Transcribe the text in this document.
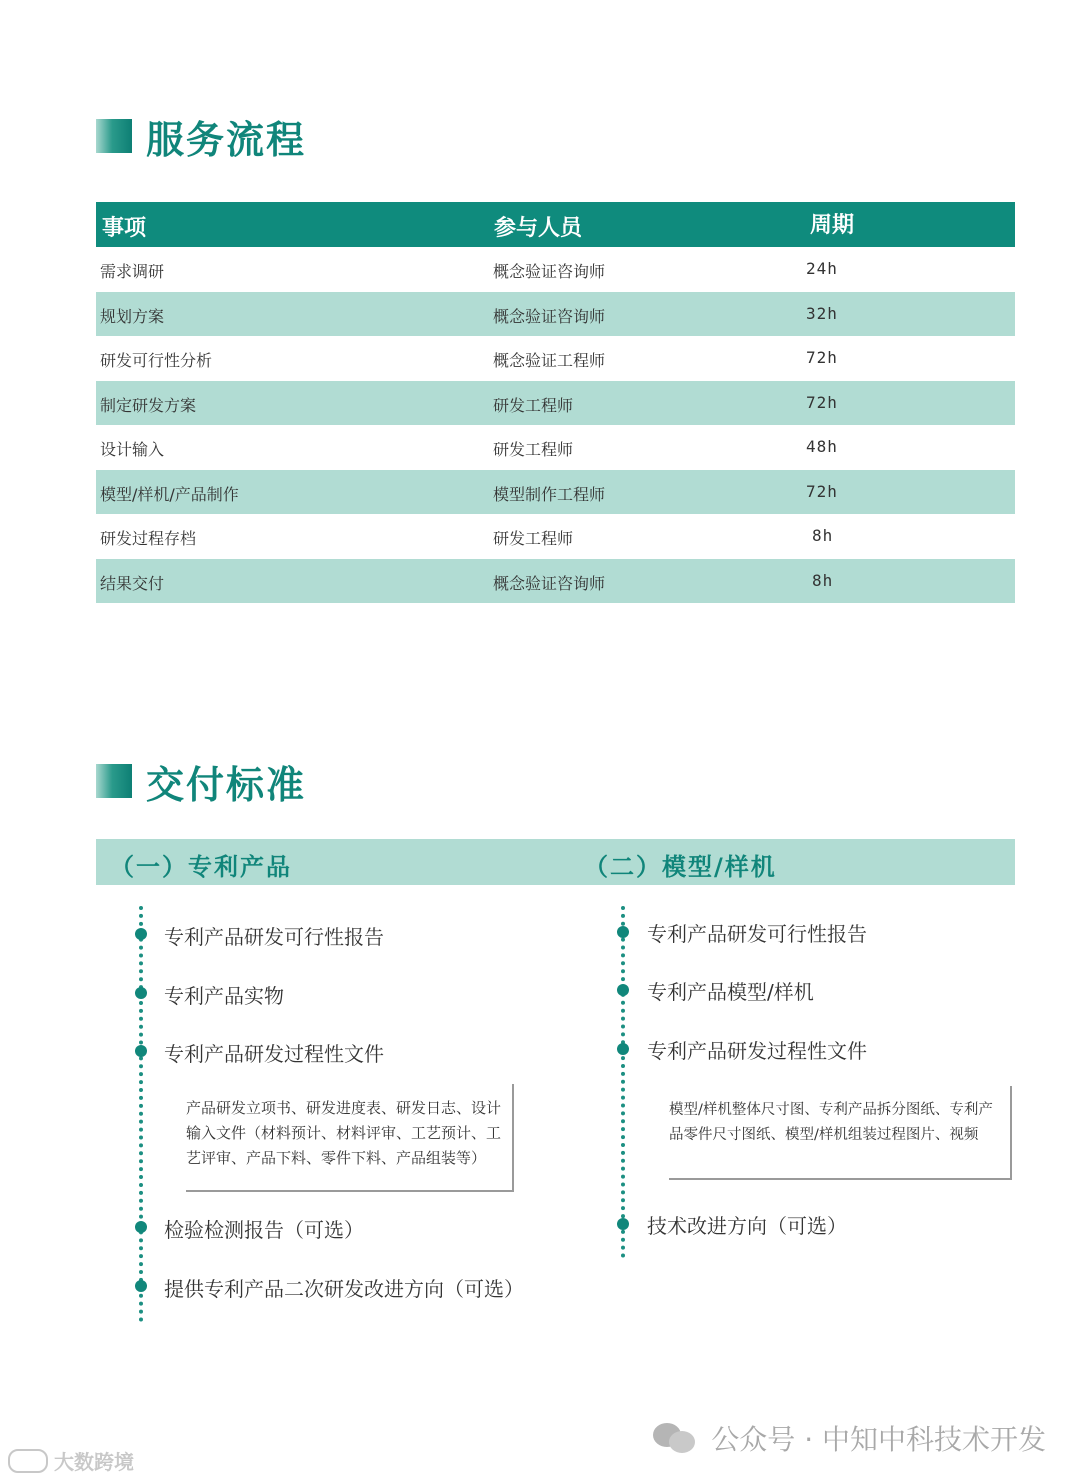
服务流程
事项	参与人员	周期
需求调研	概念验证咨询师	24h
规划方案	概念验证咨询师	32h
研发可行性分析	概念验证工程师	72h
制定研发方案	研发工程师	72h
设计输入	研发工程师	48h
模型/样机/产品制作	模型制作工程师	72h
研发过程存档	研发工程师	8h
结果交付	概念验证咨询师	8h
交付标准
（一）专利产品	（二）模型/样机
专利产品研发可行性报告
专利产品实物
专利产品研发过程性文件
产品研发立项书、研发进度表、研发日志、设计
输入文件（材料预计、材料评审、工艺预计、工
艺评审、产品下料、零件下料、产品组装等）
检验检测报告（可选）
提供专利产品二次研发改进方向（可选）
专利产品研发可行性报告
专利产品模型/样机
专利产品研发过程性文件
模型/样机整体尺寸图、专利产品拆分图纸、专利产
品零件尺寸图纸、模型/样机组装过程图片、视频
技术改进方向（可选）
公众号 · 中知中科技术开发
大数跨境
